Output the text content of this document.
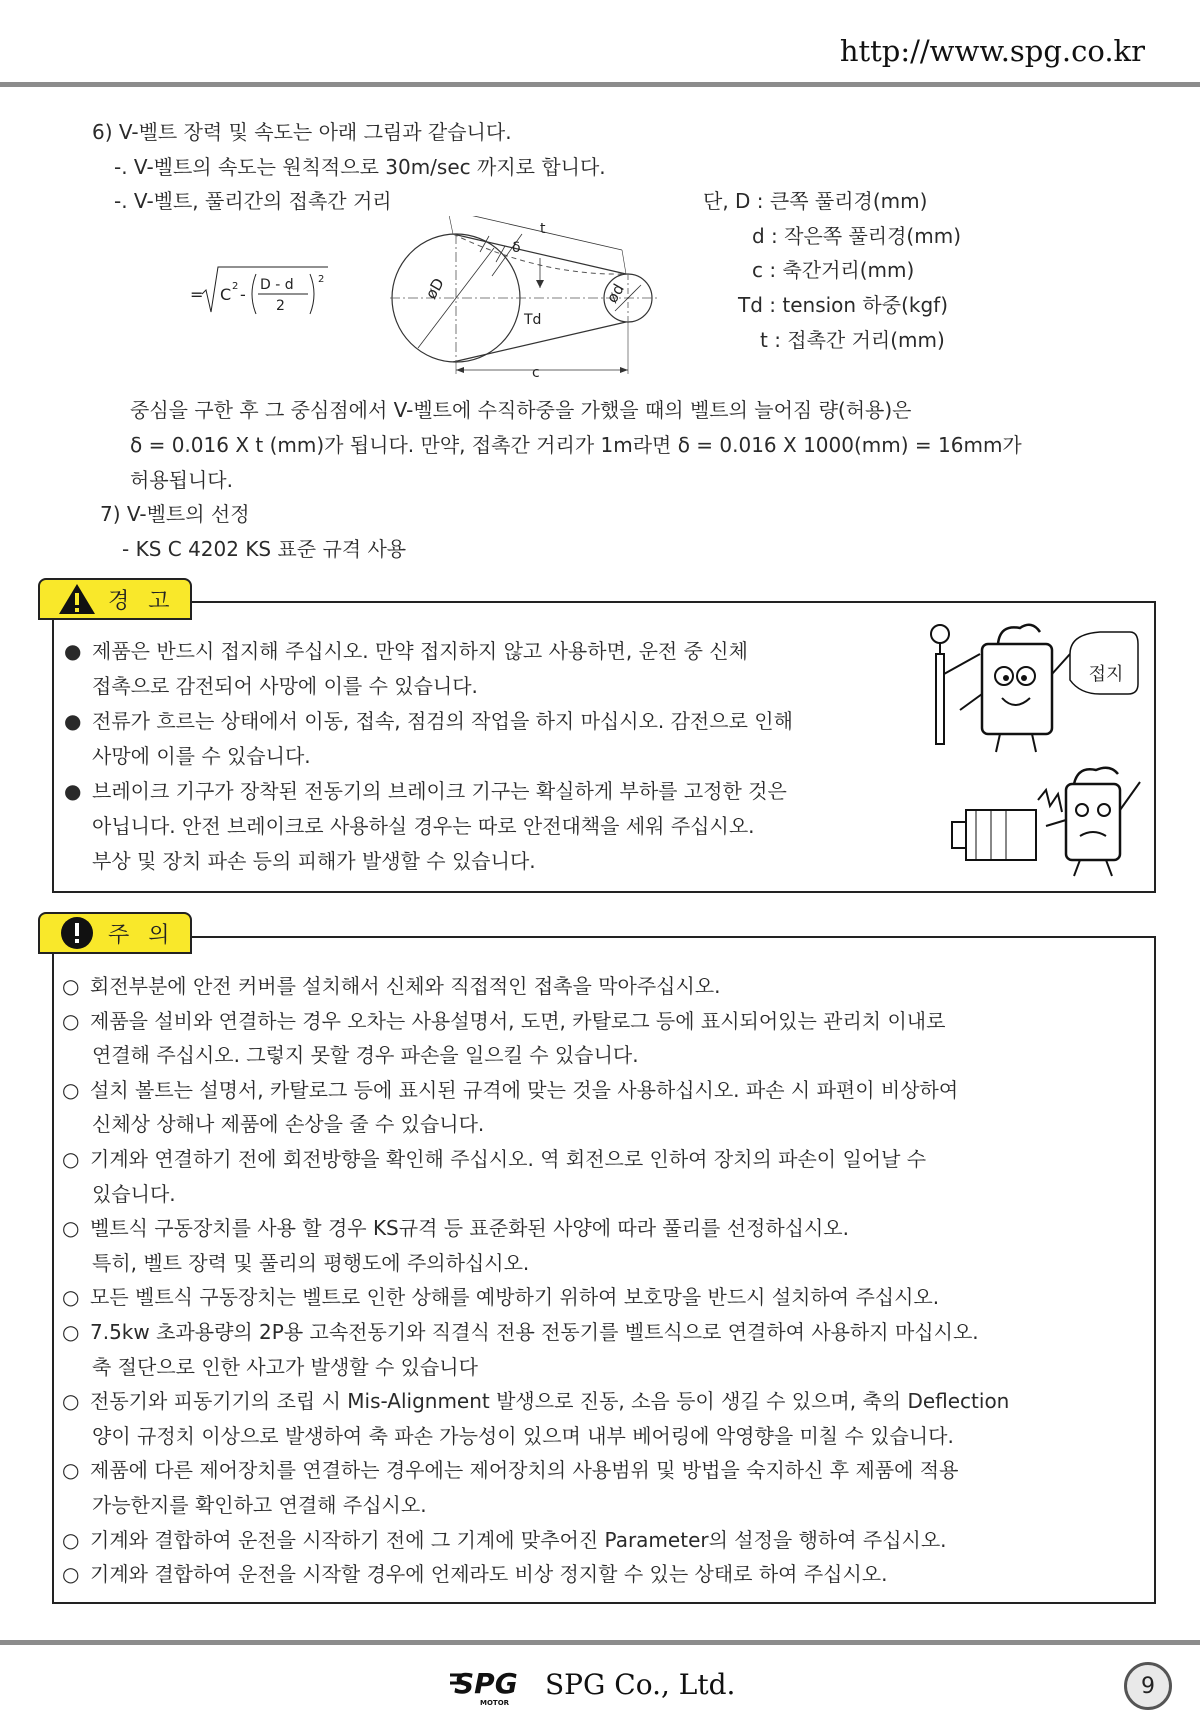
http://www.spg.co.kr
6) V-벨트 장력 및 속도는 아래 그림과 같습니다.
-. V-벨트의 속도는 원칙적으로 30m/sec 까지로 합니다.
-. V-벨트, 풀리간의 접촉간 거리	단, D : 큰쪽 풀리경(mm)
d : 작은쪽 풀리경(mm)
c : 축간거리(mm)
Td : tension 하중(kgf)
t : 접촉간 거리(mm)
= C 2 - D - d
2
2
t
δ
øD	ød
Td
c
중심을 구한 후 그 중심점에서 V-벨트에 수직하중을 가했을 때의 벨트의 늘어짐 량(허용)은
δ = 0.016 X t (mm)가 됩니다. 만약, 접촉간 거리가 1m라면 δ = 0.016 X 1000(mm) = 16mm가
허용됩니다.
7) V-벨트의 선정
- KS C 4202 KS 표준 규격 사용
경 고
● 제품은 반드시 접지해 주십시오. 만약 접지하지 않고 사용하면, 운전 중 신체
접촉으로 감전되어 사망에 이를 수 있습니다.
● 전류가 흐르는 상태에서 이동, 접속, 점검의 작업을 하지 마십시오. 감전으로 인해
사망에 이를 수 있습니다.
● 브레이크 기구가 장착된 전동기의 브레이크 기구는 확실하게 부하를 고정한 것은
아닙니다. 안전 브레이크로 사용하실 경우는 따로 안전대책을 세워 주십시오.
부상 및 장치 파손 등의 피해가 발생할 수 있습니다.
접지
주 의
○ 회전부분에 안전 커버를 설치해서 신체와 직접적인 접촉을 막아주십시오.
○ 제품을 설비와 연결하는 경우 오차는 사용설명서, 도면, 카탈로그 등에 표시되어있는 관리치 이내로
연결해 주십시오. 그렇지 못할 경우 파손을 일으킬 수 있습니다.
○ 설치 볼트는 설명서, 카탈로그 등에 표시된 규격에 맞는 것을 사용하십시오. 파손 시 파편이 비상하여
신체상 상해나 제품에 손상을 줄 수 있습니다.
○ 기계와 연결하기 전에 회전방향을 확인해 주십시오. 역 회전으로 인하여 장치의 파손이 일어날 수
있습니다.
○ 벨트식 구동장치를 사용 할 경우 KS규격 등 표준화된 사양에 따라 풀리를 선정하십시오.
특히, 벨트 장력 및 풀리의 평행도에 주의하십시오.
○ 모든 벨트식 구동장치는 벨트로 인한 상해를 예방하기 위하여 보호망을 반드시 설치하여 주십시오.
○ 7.5kw 초과용량의 2P용 고속전동기와 직결식 전용 전동기를 벨트식으로 연결하여 사용하지 마십시오.
축 절단으로 인한 사고가 발생할 수 있습니다
○ 전동기와 피동기기의 조립 시 Mis-Alignment 발생으로 진동, 소음 등이 생길 수 있으며, 축의 Deflection
양이 규정치 이상으로 발생하여 축 파손 가능성이 있으며 내부 베어링에 악영향을 미칠 수 있습니다.
○ 제품에 다른 제어장치를 연결하는 경우에는 제어장치의 사용범위 및 방법을 숙지하신 후 제품에 적용
가능한지를 확인하고 연결해 주십시오.
○ 기계와 결합하여 운전을 시작하기 전에 그 기계에 맞추어진 Parameter의 설정을 행하여 주십시오.
○ 기계와 결합하여 운전을 시작할 경우에 언제라도 비상 정지할 수 있는 상태로 하여 주십시오.
SPG
MOTOR
SPG Co., Ltd.	9
